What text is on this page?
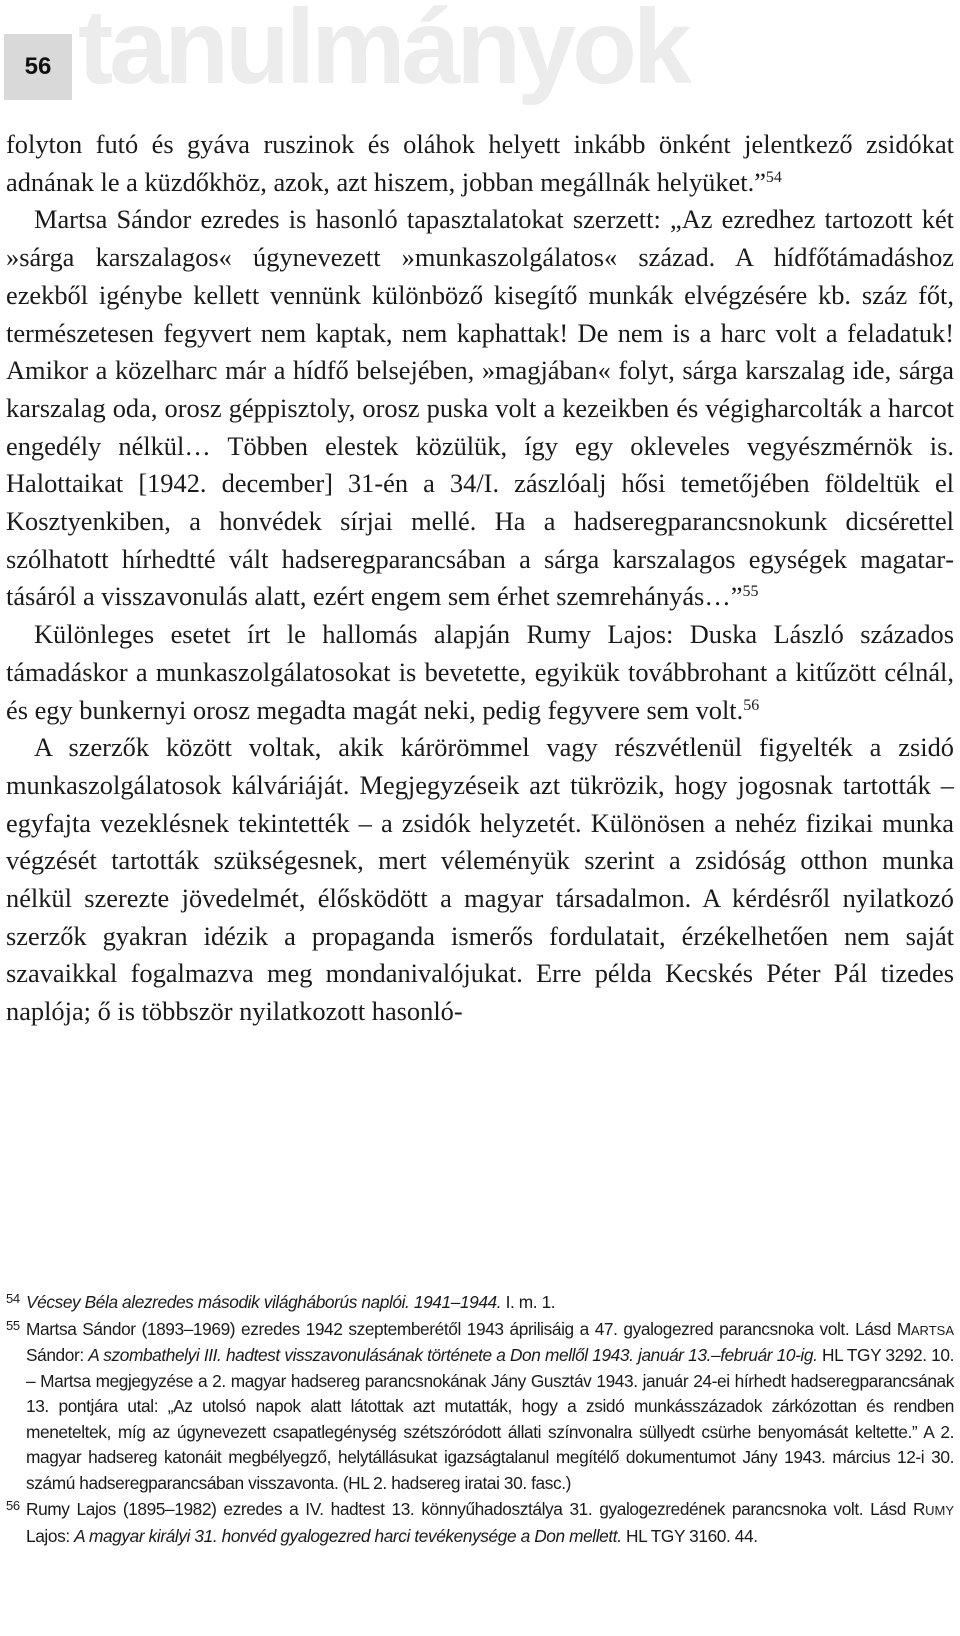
56 tanulmányok

folyton futó és gyáva ruszinok és oláhok helyett inkább önként jelentkező zsidókat adnának le a küzdőkhöz, azok, azt hiszem, jobban megállnák helyüket.”$^{54}$

Martsa Sándor ezredes is hasonló tapasztalatokat szerzett: „Az ezredhez tartozott két »sárga karszalagos« úgynevezett »munkaszolgálatos« század. A hídfőtámadáshoz ezekből igénybe kellett vennünk különböző kisegítő munkák elvégzésére kb. száz főt, természetesen fegyvert nem kaptak, nem kaphattak! De nem is a harc volt a feladatuk! Amikor a közelharc már a hídfő belsejében, »magjában« folyt, sárga karszalag ide, sárga karszalag oda, orosz géppisztoly, orosz puska volt a kezeikben és végigharcolták a harcot engedély nélkül… Többen elestek közülük, így egy okleveles vegyészmérnök is. Halottaikat [1942. december] 31-én a 34/I. zászlóalj hősi temetőjében földeltük el Kosztyenkiben, a honvédek sírjai mellé. Ha a hadseregparancsnokunk dicsérettel szólhatott hírhedtté vált hadseregparancsában a sárga karszalagos egységek magatartásáról a visszavonulás alatt, ezért engem sem érhet szemrehányás…”$^{55}$

Különleges esetet írt le hallomás alapján Rumy Lajos: Duska László százados támadáskor a munkaszolgálatosokat is bevetette, egyikük továbbrohant a kitűzött célnál, és egy bunkernyi orosz megadta magát neki, pedig fegyvere sem volt.$^{56}$

A szerzők között voltak, akik kárörömmel vagy részvétlenül figyelték a zsidó munkaszolgálatosok kálváriáját. Megjegyzéseik azt tükrözik, hogy jogosnak tartották – egyfajta vezeklésnek tekintették – a zsidók helyzetét. Különösen a nehéz fizikai munka végzését tartották szükségesnek, mert véleményük szerint a zsidóság otthon munka nélkül szerezte jövedelmét, élősködött a magyar társadalmon. A kérdésről nyilatkozó szerzők gyakran idézik a propaganda ismerős fordulatait, érzékelhetően nem saját szavaikkal fogalmazva meg mondanivalójukat. Erre példa Kecskés Péter Pál tizedes naplója; ő is többször nyilatkozott hasonló-

54 Vécsey Béla alezredes második világháborús naplói. 1941–1944. I. m. 1.
55 Martsa Sándor (1893–1969) ezredes 1942 szeptemberétől 1943 áprilisáig a 47. gyalogezred parancsnoka volt. Lásd MARTSA Sándor: A szombathelyi III. hadtest visszavonulásának története a Don mellől 1943. január 13.–február 10-ig. HL TGY 3292. 10. – Martsa megjegyzése a 2. magyar hadsereg parancsnokának Jány Gusztáv 1943. január 24-ei hírhedt hadseregparancsának 13. pontjára utal: „Az utolsó napok alatt látottak azt mutatták, hogy a zsidó munkásszázadok zárkózottan és rendben meneteltek, míg az úgynevezett csapatlegénység szétszóródott állati színvonalra süllyedt csürhe benyomását keltette.” A 2. magyar hadsereg katonáit megbélyegző, helytállásukat igazságtalanul megítélő dokumentumot Jány 1943. március 12-i 30. számú hadseregparancsában visszavonta. (HL 2. hadsereg iratai 30. fasc.)
56 Rumy Lajos (1895–1982) ezredes a IV. hadtest 13. könnyűhadosztálya 31. gyalogezredének parancsnoka volt. Lásd RUMY Lajos: A magyar királyi 31. honvéd gyalogezred harci tevékenysége a Don mellett. HL TGY 3160. 44.
